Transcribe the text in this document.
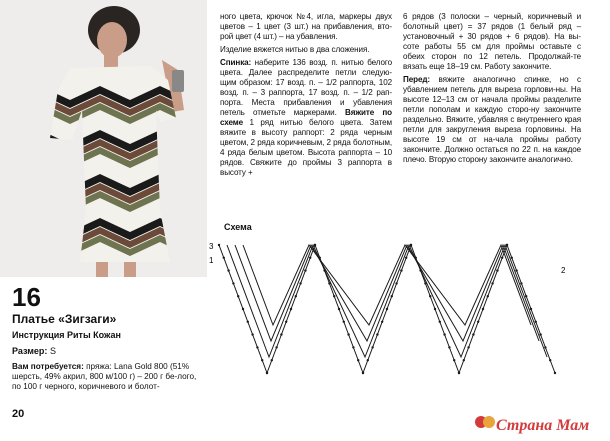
16
Платье «Зигзаги»
Инструкция Риты Кожан
Размер: S
Вам потребуется: пряжа: Lana Gold 800 (51% шерсть, 49% акрил, 800 м/100 г) – 200 г бе-лого, по 100 г черного, коричневого и болот-
20

ного цвета, крючок №4, игла, маркеры двух цветов – 1 цвет (3 шт.) на прибавления, вто-рой цвет (4 шт.) – на убавления.

Изделие вяжется нитью в два сложения.

Спинка: наберите 136 возд. п. нитью белого цвета. Далее распределите петли следую-щим образом: 17 возд. п. – 1/2 раппорта, 102 возд. п. – 3 раппорта, 17 возд. п. – 1/2 рап-порта. Места прибавления и убавления петель отметьте маркерами. Вяжите по схеме 1 ряд нитью белого цвета. Затем вяжите в высоту раппорт: 2 ряда черным цветом, 2 ряда коричневым, 2 ряда болотным, 4 ряда белым цветом. Высота раппорта – 10 рядов. Свяжите до проймы 3 раппорта в высоту +

6 рядов (3 полоски – черный, коричневый и болотный цвет) = 37 рядов (1 белый ряд – установочный + 30 рядов + 6 рядов). На вы-соте работы 55 см для проймы оставьте с обеих сторон по 12 петель. Продолжай-те вязать еще 18–19 см. Работу закончите.

Перед: вяжите аналогично спинке, но с убавлением петель для выреза горлови-ны. На высоте 12–13 см от начала проймы разделите петли пополам и каждую сторо-ну закончите раздельно. Вяжите, убавляя с внутреннего края петли для закругления выреза горловины. На высоте 19 см от на-чала проймы работу закончите. Должно остаться по 22 п. на каждое плечо. Вторую сторону закончите аналогично.

Схема
3
1
2
Страна Мам
